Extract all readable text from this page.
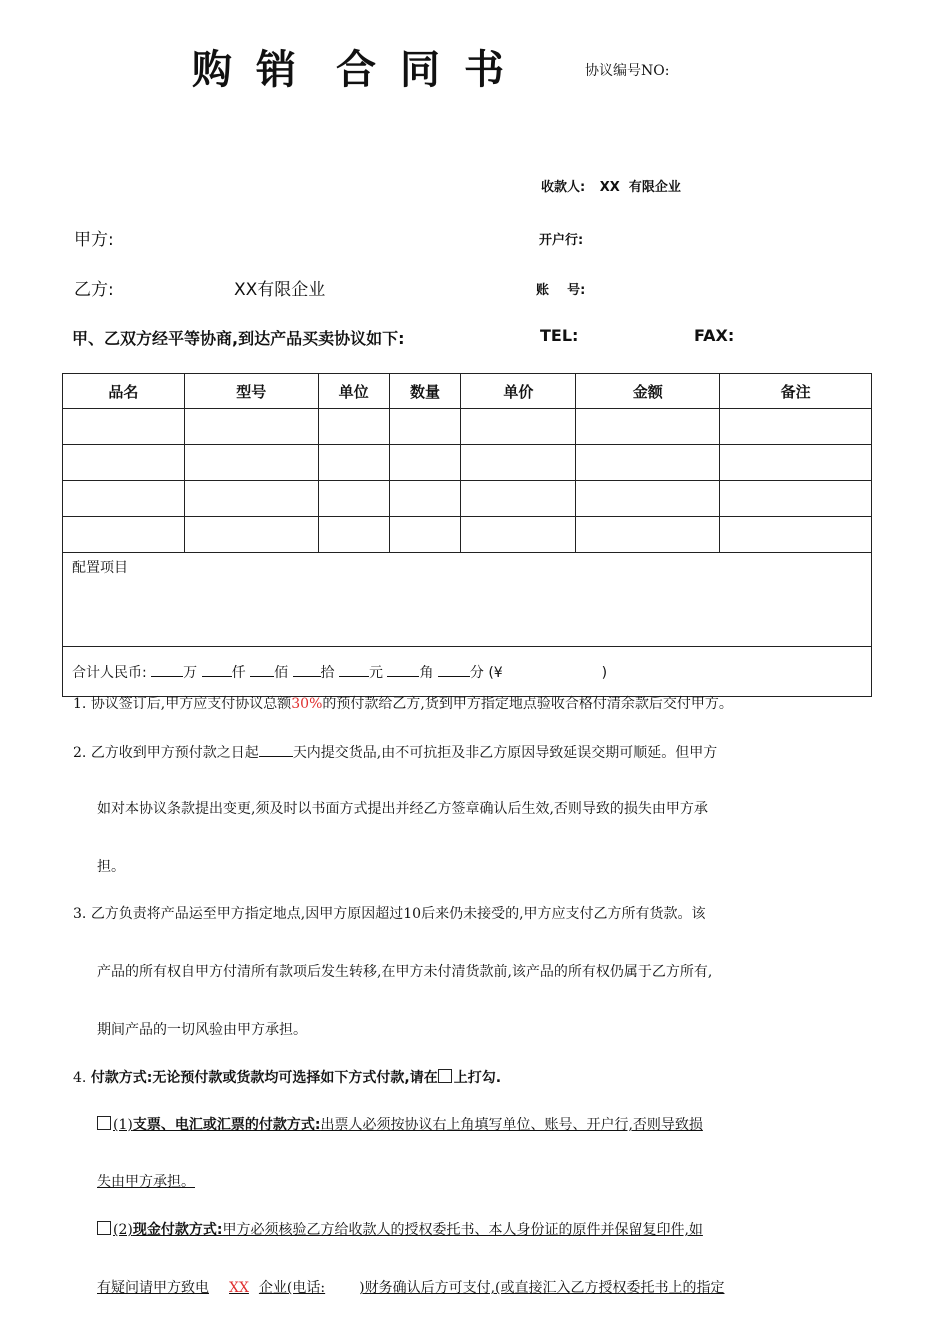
购 销 合 同 书	协议编号NO:
收款人: XX  有限企业
开户行:
账    号:
甲方:
乙方:	XX有限企业
甲、乙双方经平等协商,到达产品买卖协议如下:	TEL:	FAX:
品名	型号	单位	数量	单价	金额	备注

配置项目						
合计人民币: 万 仟 佰 拾 元 角 分 (¥ )						
1. 协议签订后,甲方应支付协议总额30%的预付款给乙方,货到甲方指定地点验收合格付清余款后交付甲方。
2. 乙方收到甲方预付款之日起 天内提交货品,由不可抗拒及非乙方原因导致延误交期可顺延。但甲方
如对本协议条款提出变更,须及时以书面方式提出并经乙方签章确认后生效,否则导致的损失由甲方承
担。
3. 乙方负责将产品运至甲方指定地点,因甲方原因超过10后来仍未接受的,甲方应支付乙方所有货款。该
产品的所有权自甲方付清所有款项后发生转移,在甲方未付清货款前,该产品的所有权仍属于乙方所有,
期间产品的一切风验由甲方承担。
4. 付款方式:无论预付款或货款均可选择如下方式付款,请在 上打勾.
(1)支票、电汇或汇票的付款方式:出票人必须按协议右上角填写单位、账号、开户行,否则导致损
失由甲方承担。
(2)现金付款方式:甲方必须核验乙方给收款人的授权委托书、本人身份证的原件并保留复印件,如
有疑问请甲方致电 XX 企业(电话: )财务确认后方可支付,(或直接汇入乙方授权委托书上的指定
